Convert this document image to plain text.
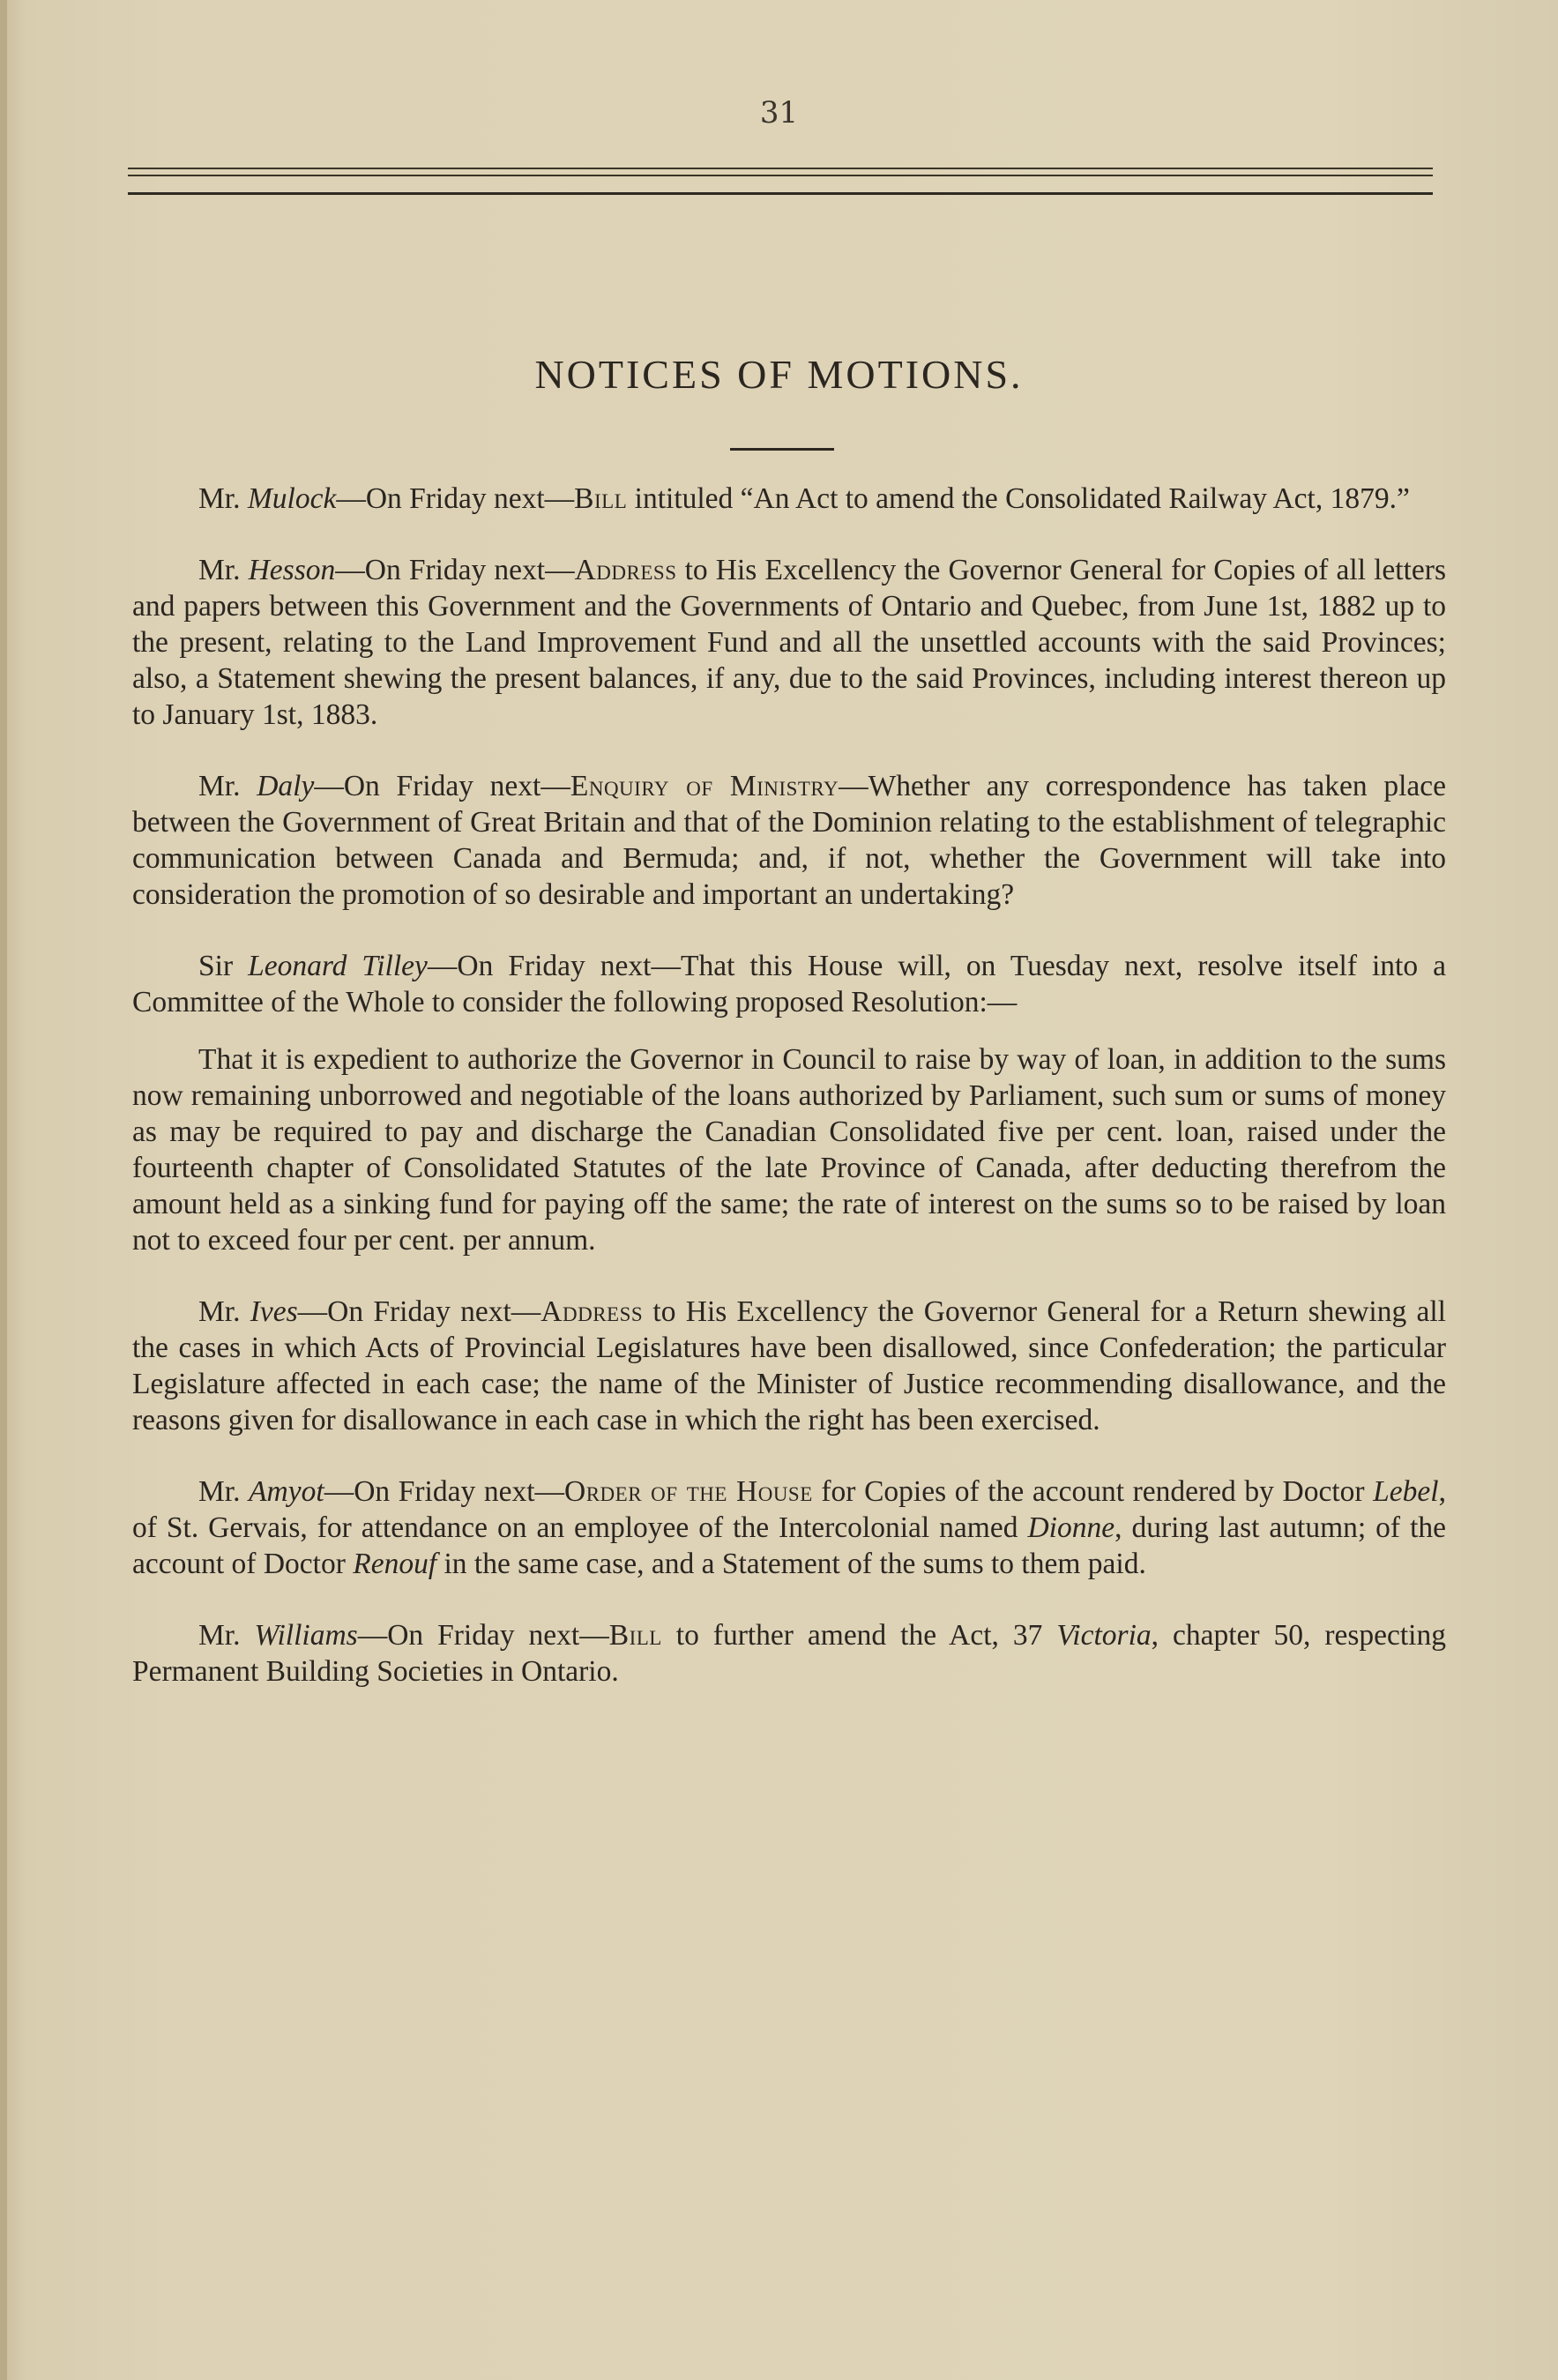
31
NOTICES OF MOTIONS.

Mr. Mulock—On Friday next—Bill intituled “An Act to amend the Consolidated Railway Act, 1879.”

Mr. Hesson—On Friday next—Address to His Excellency the Governor General for Copies of all letters and papers between this Government and the Governments of Ontario and Quebec, from June 1st, 1882 up to the present, relating to the Land Improvement Fund and all the unsettled accounts with the said Provinces; also, a Statement shewing the present balances, if any, due to the said Provinces, including interest thereon up to January 1st, 1883.

Mr. Daly—On Friday next—Enquiry of Ministry—Whether any correspondence has taken place between the Government of Great Britain and that of the Dominion relating to the establishment of telegraphic communication between Canada and Bermuda; and, if not, whether the Government will take into consideration the promotion of so desirable and important an undertaking?

Sir Leonard Tilley—On Friday next—That this House will, on Tuesday next, resolve itself into a Committee of the Whole to consider the following proposed Resolution:—

That it is expedient to authorize the Governor in Council to raise by way of loan, in addition to the sums now remaining unborrowed and negotiable of the loans authorized by Parliament, such sum or sums of money as may be required to pay and discharge the Canadian Consolidated five per cent. loan, raised under the fourteenth chapter of Consolidated Statutes of the late Province of Canada, after deducting therefrom the amount held as a sinking fund for paying off the same; the rate of interest on the sums so to be raised by loan not to exceed four per cent. per annum.

Mr. Ives—On Friday next—Address to His Excellency the Governor General for a Return shewing all the cases in which Acts of Provincial Legislatures have been disallowed, since Confederation; the particular Legislature affected in each case; the name of the Minister of Justice recommending disallowance, and the reasons given for disallowance in each case in which the right has been exercised.

Mr. Amyot—On Friday next—Order of the House for Copies of the account rendered by Doctor Lebel, of St. Gervais, for attendance on an employee of the Intercolonial named Dionne, during last autumn; of the account of Doctor Renouf in the same case, and a Statement of the sums to them paid.

Mr. Williams—On Friday next—Bill to further amend the Act, 37 Victoria, chapter 50, respecting Permanent Building Societies in Ontario.
